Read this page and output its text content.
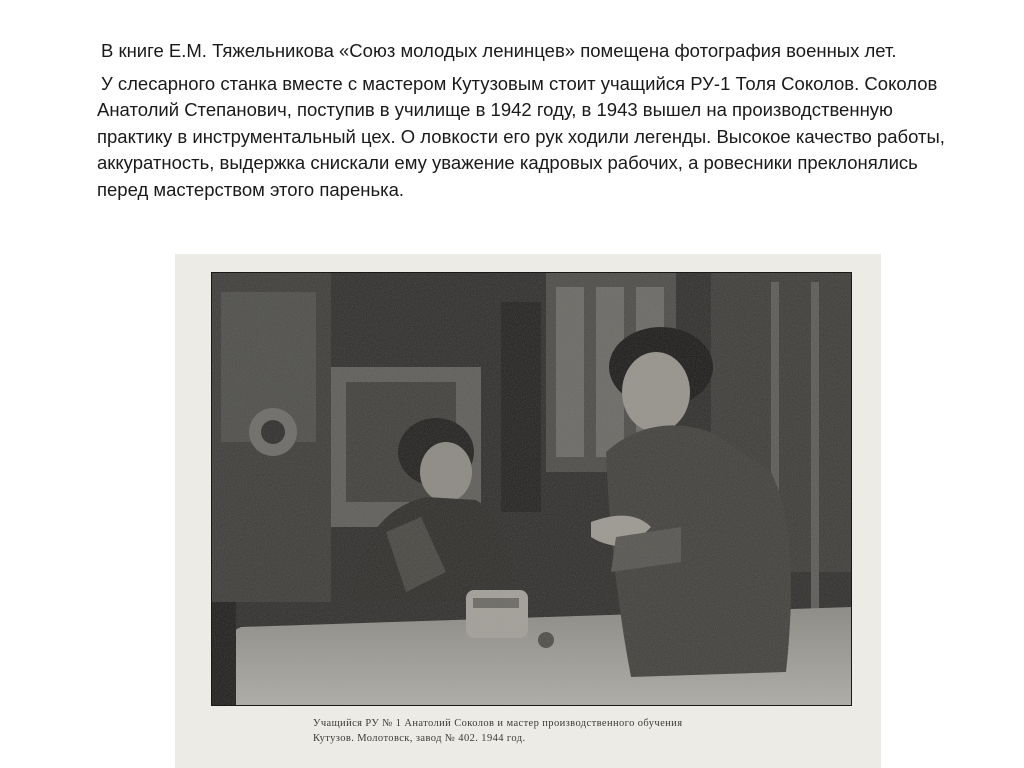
В книге Е.М. Тяжельникова «Союз молодых ленинцев» помещена фотография военных лет.

У слесарного станка вместе с мастером Кутузовым стоит учащийся РУ-1 Толя Соколов. Соколов Анатолий Степанович, поступив в училище в 1942 году, в 1943 вышел на производственную практику в инструментальный цех. О ловкости его рук ходили легенды. Высокое качество работы, аккуратность, выдержка снискали ему уважение кадровых рабочих, а ровесники преклонялись перед мастерством этого паренька.

Учащийся РУ № 1 Анатолий Соколов и мастер производственного обучения
Кутузов. Молотовск, завод № 402. 1944 год.
